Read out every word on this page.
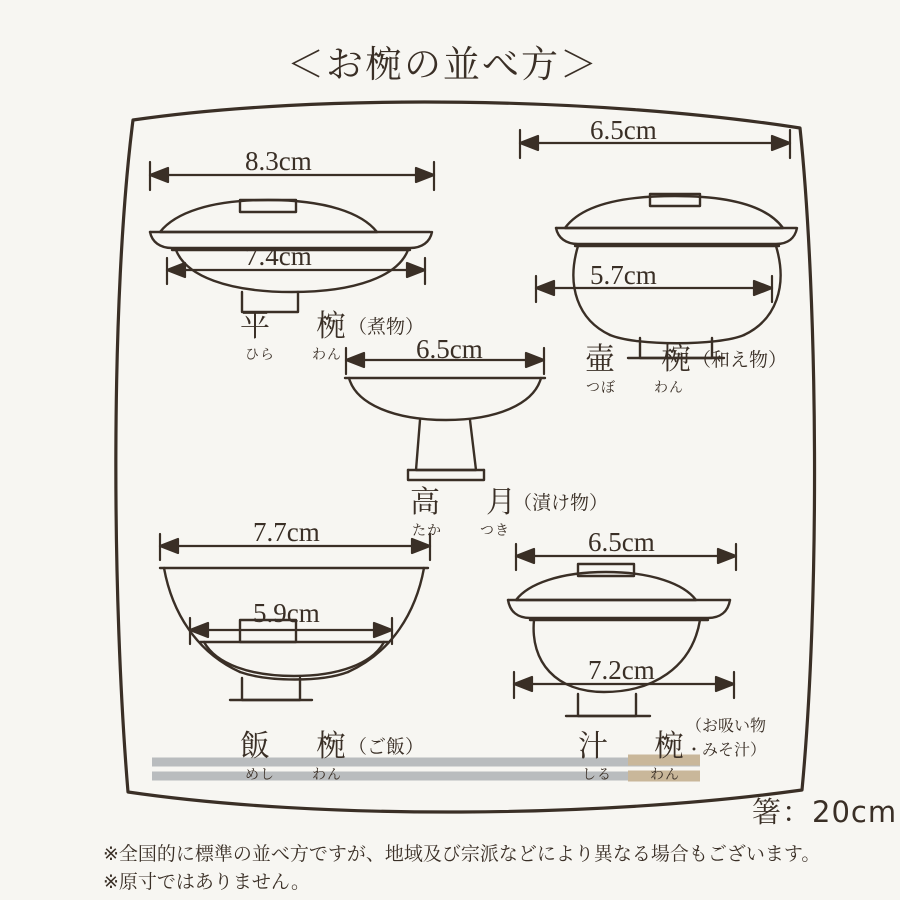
＜お椀の並べ方＞
8.3cm
7.4cm
平　椀
ひら	わん
（煮物）
6.5cm
5.7cm
壷　椀
つぼ	わん
（和え物）
6.5cm
高　月
たか	つき
（漬け物）
7.7cm
5.9cm
飯　椀
めし	わん
（ご飯）
6.5cm
7.2cm
汁　椀
しる	わん
（お吸い物
・みそ汁）
箸：20cm
※全国的に標準の並べ方ですが、地域及び宗派などにより異なる場合もございます。
※原寸ではありません。
